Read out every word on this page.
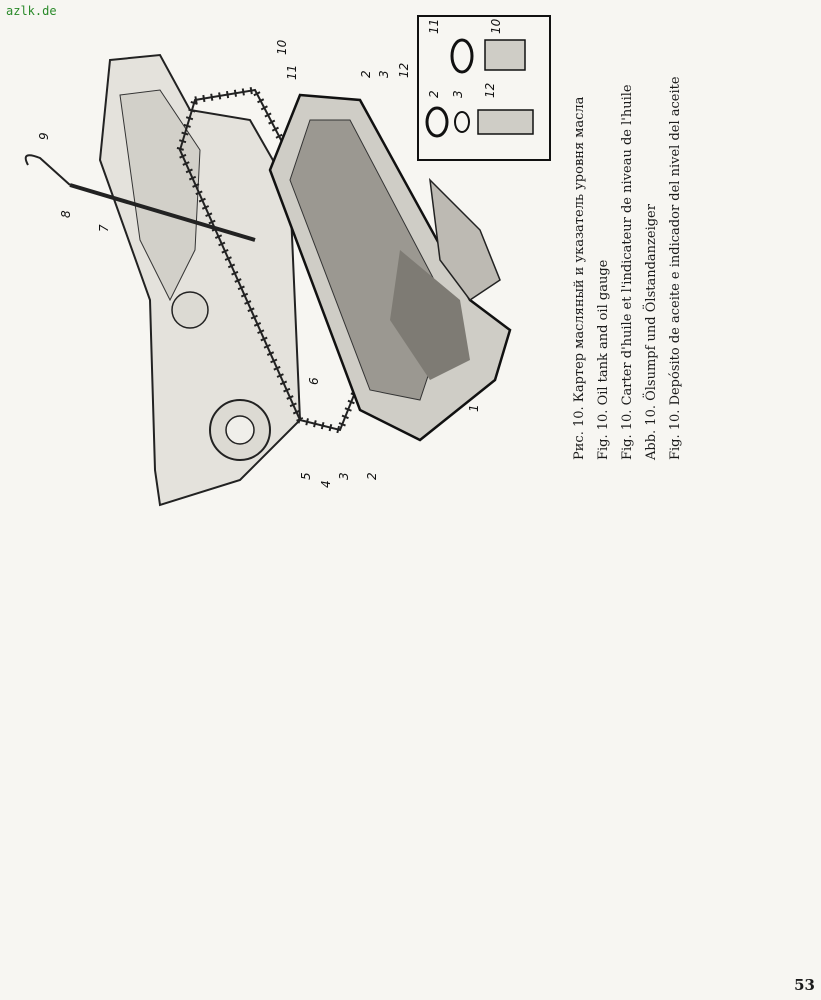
azlk.de
1
2
3
4
5
6
7
8
9
10
11	12
2 3
10
11
2 3 12
Рис. 10. Картер масляный и указатель уровня масла Fig. 10. Oil tank and oil gauge Fig. 10. Carter d'huile et l'indicateur de niveau de l'huile Abb. 10. Ölsumpf und Ölstandanzeiger Fig. 10. Depósito de aceite e indicador del nivel del aceite
53
